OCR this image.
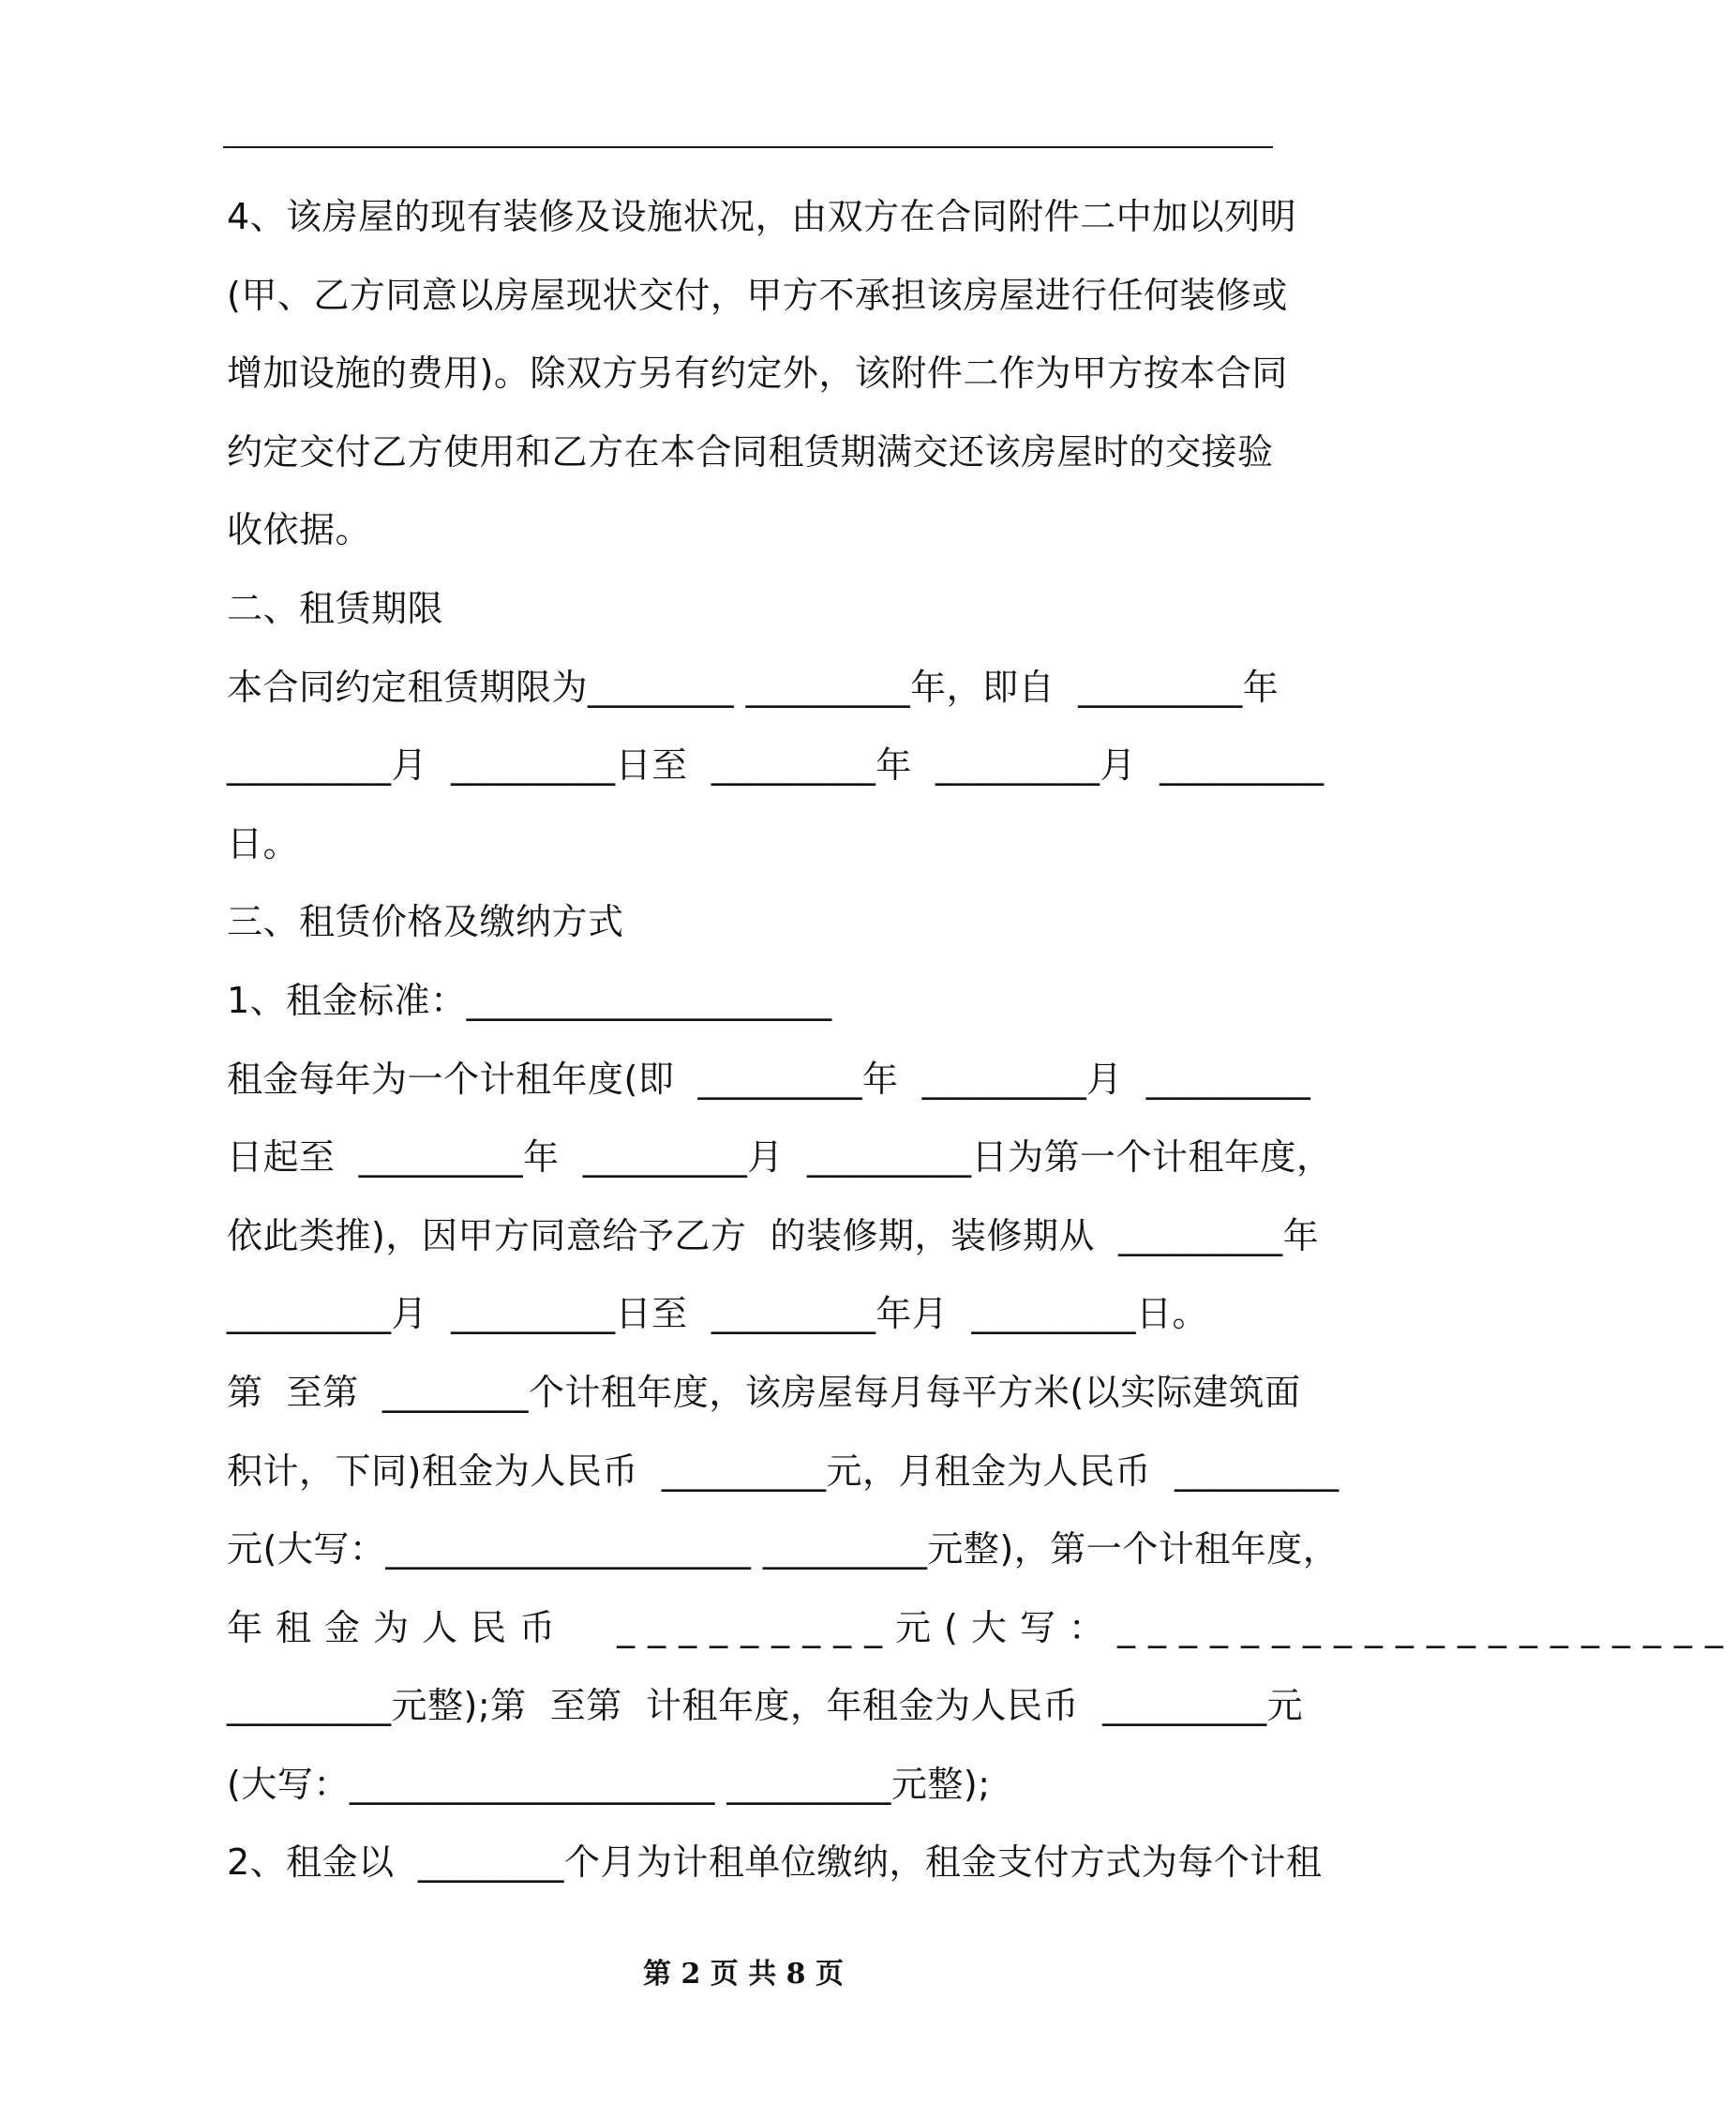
4、该房屋的现有装修及设施状况，由双方在合同附件二中加以列明
(甲、乙方同意以房屋现状交付，甲方不承担该房屋进行任何装修或
增加设施的费用)。除双方另有约定外，该附件二作为甲方按本合同
约定交付乙方使用和乙方在本合同租赁期满交还该房屋时的交接验
收依据。
二、租赁期限
本合同约定租赁期限为________ _________年，即自  _________年
_________月  _________日至  _________年  _________月  _________
日。
三、租赁价格及缴纳方式
1、租金标准：____________________
租金每年为一个计租年度(即  _________年  _________月  _________
日起至  _________年  _________月  _________日为第一个计租年度，
依此类推)，因甲方同意给予乙方  的装修期，装修期从  _________年
_________月  _________日至  _________年月  _________日。
第  至第  ________个计租年度，该房屋每月每平方米(以实际建筑面
积计，下同)租金为人民币  _________元，月租金为人民币  _________
元(大写：____________________ _________元整)，第一个计租年度，
年租金为人民币  _________元(大写：____________________
_________元整);第  至第  计租年度，年租金为人民币  _________元
(大写：____________________ _________元整);
2、租金以  ________个月为计租单位缴纳，租金支付方式为每个计租
第 2 页 共 8 页
